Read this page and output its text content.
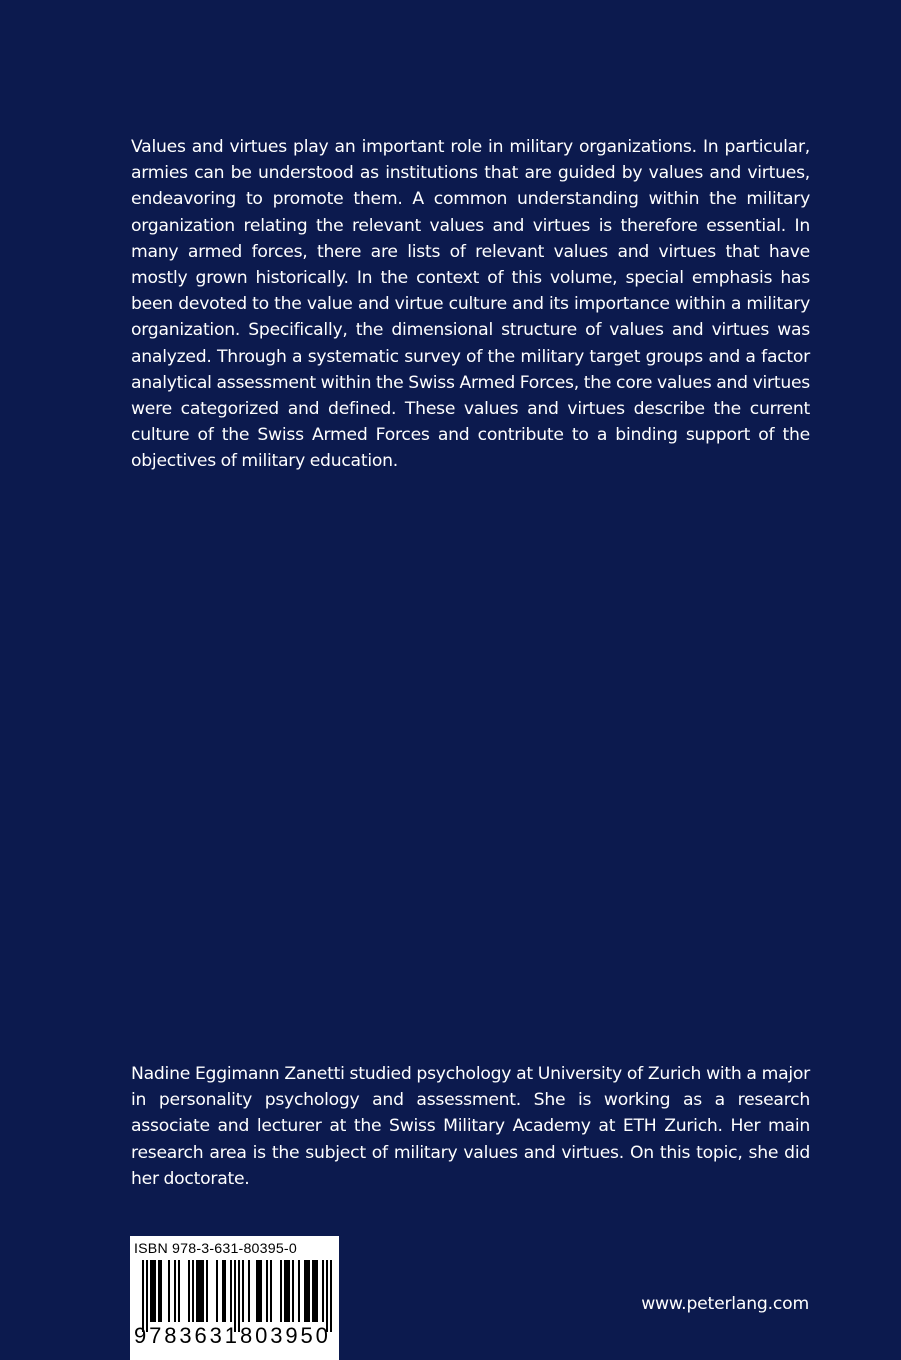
Values and virtues play an important role in military organizations. In particular, armies can be understood as institutions that are guided by values and virtues, endeavoring to promote them. A common understanding within the military organization relating the relevant values and virtues is therefore essential. In many armed forces, there are lists of relevant values and virtues that have mostly grown historically. In the context of this volume, special emphasis has been devoted to the value and virtue culture and its importance within a military organization. Specifically, the dimensional structure of values and virtues was analyzed. Through a systematic survey of the military target groups and a factor analytical assessment within the Swiss Armed Forces, the core values and virtues were categorized and defined. These values and virtues describe the current culture of the Swiss Armed Forces and contribute to a binding support of the objectives of military education.

Nadine Eggimann Zanetti studied psychology at University of Zurich with a major in personality psychology and assessment. She is working as a research associate and lecturer at the Swiss Military Academy at ETH Zurich. Her main research area is the subject of military values and virtues. On this topic, she did her doctorate.

ISBN 978-3-631-80395-0
9783631803950
www.peterlang.com
